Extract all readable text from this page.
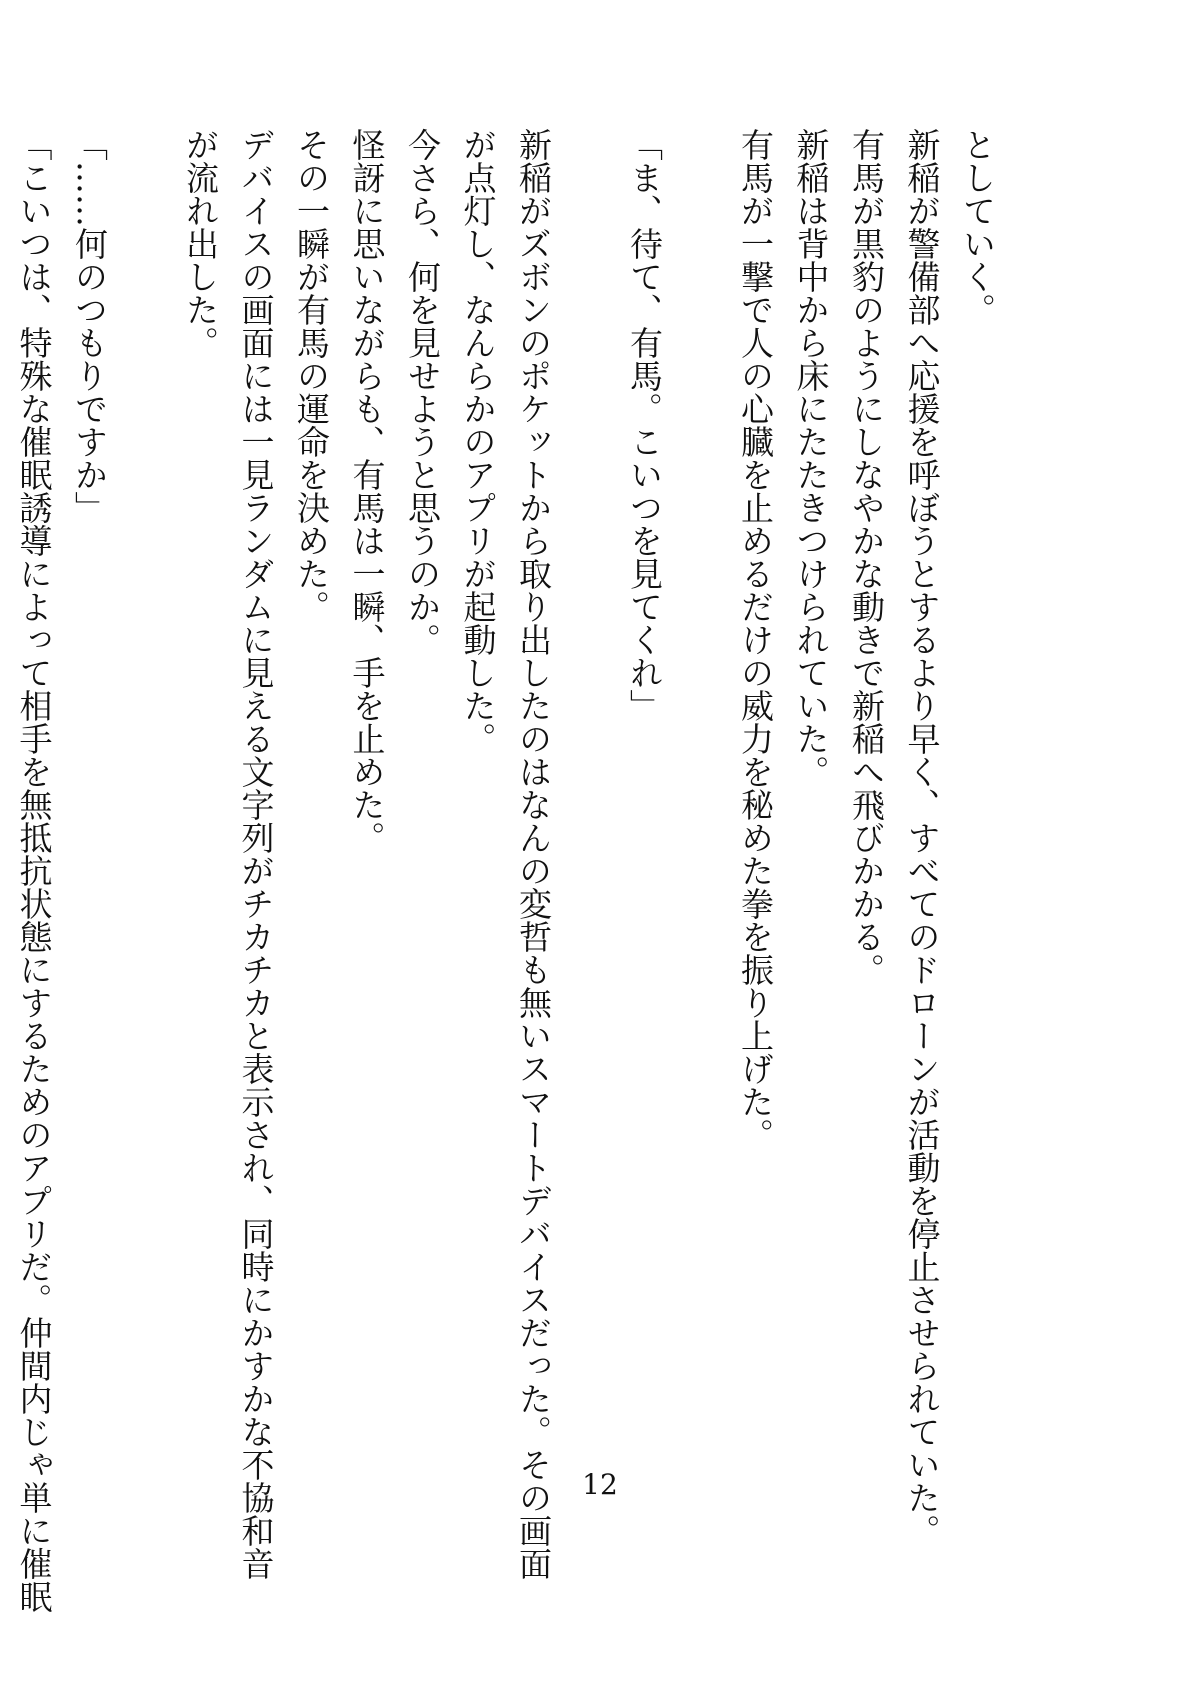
としていく。
新稲が警備部へ応援を呼ぼうとするより早く、すべてのドローンが活動を停止させられていた。
有馬が黒豹のようにしなやかな動きで新稲へ飛びかかる。
新稲は背中から床にたたきつけられていた。
有馬が一撃で人の心臓を止めるだけの威力を秘めた拳を振り上げた。

「ま、待て、有馬。こいつを見てくれ」

新稲がズボンのポケットから取り出したのはなんの変哲も無いスマートデバイスだった。その画面
が点灯し、なんらかのアプリが起動した。
今さら、何を見せようと思うのか。
怪訝に思いながらも、有馬は一瞬、手を止めた。
その一瞬が有馬の運命を決めた。
デバイスの画面には一見ランダムに見える文字列がチカチカと表示され、同時にかすかな不協和音
が流れ出した。

「……何のつもりですか」
「こいつは、特殊な催眠誘導によって相手を無抵抗状態にするためのアプリだ。仲間内じゃ単に催眠	12
